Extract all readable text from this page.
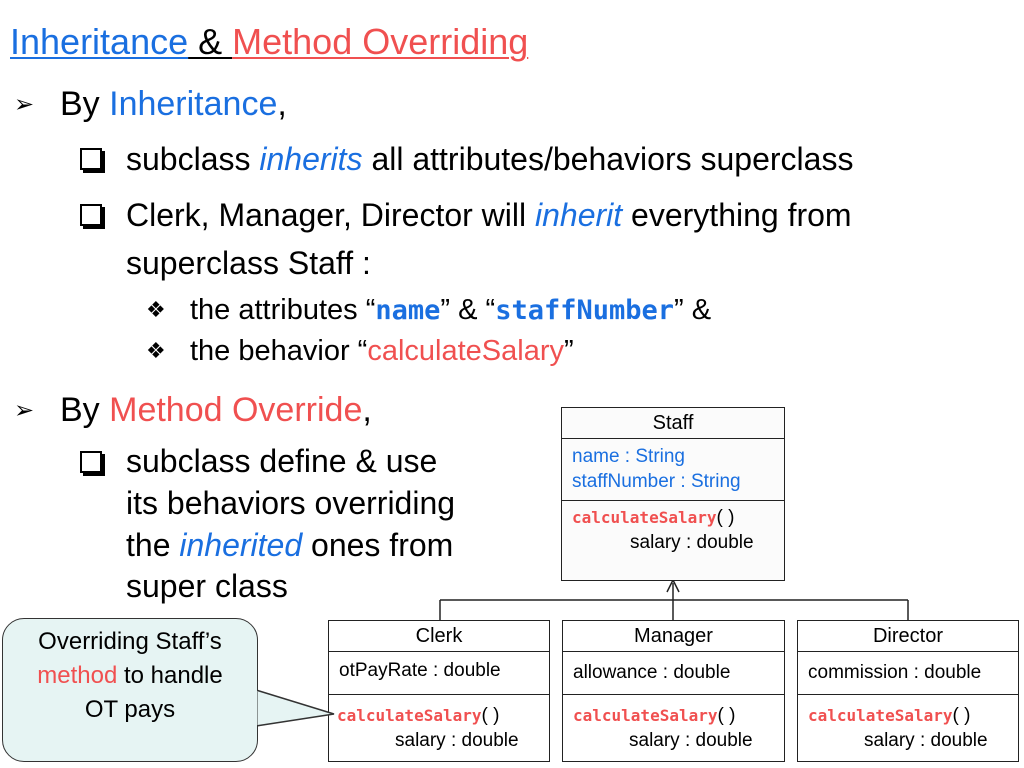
Inheritance & Method Overriding
➢ By Inheritance,
subclass inherits all attributes/behaviors superclass
Clerk, Manager, Director will inherit everything from
superclass Staff :
❖ the attributes “name” & “staffNumber” &
❖ the behavior “calculateSalary”
➢ By Method Override,
subclass define & use
its behaviors overriding
the inherited ones from
super class
Staff
name : String
staffNumber : String
calculateSalary( )
salary : double
Clerk
otPayRate : double
calculateSalary( )
salary : double
Manager
allowance : double
calculateSalary( )
salary : double
Director
commission : double
calculateSalary( )
salary : double
Overriding Staff’s
method to handle
OT pays
